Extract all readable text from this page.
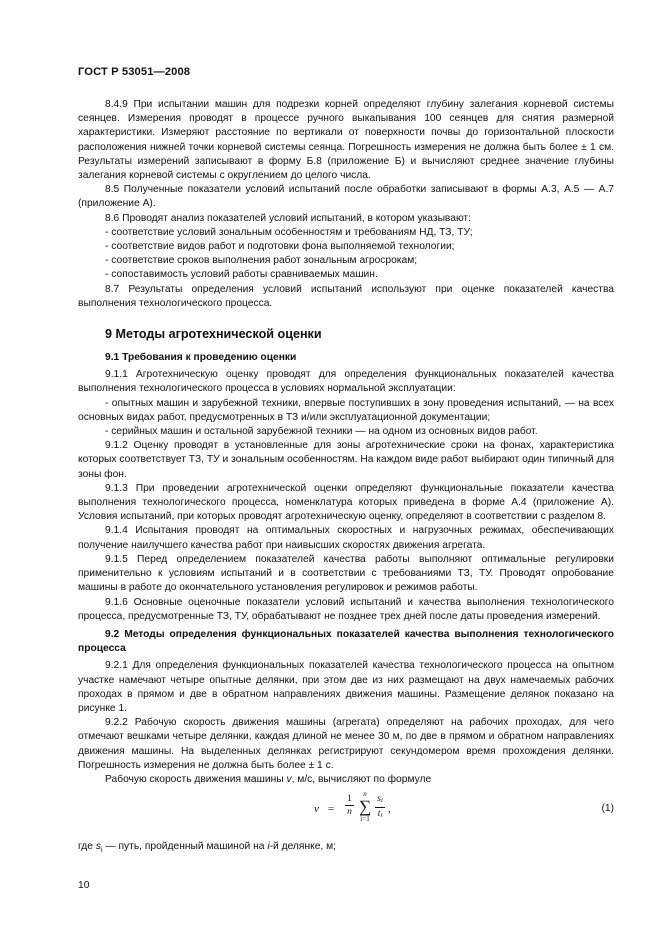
ГОСТ Р 53051—2008

8.4.9 При испытании машин для подрезки корней определяют глубину залегания корневой системы сеянцев. Измерения проводят в процессе ручного выкапывания 100 сеянцев для снятия размерной характеристики. Измеряют расстояние по вертикали от поверхности почвы до горизонтальной плоскости расположения нижней точки корневой системы сеянца. Погрешность измерения не должна быть более ± 1 см. Результаты измерений записывают в форму Б.8 (приложение Б) и вычисляют среднее значение глубины залегания корневой системы с округлением до целого числа.

8.5 Полученные показатели условий испытаний после обработки записывают в формы А.3, А.5 — А.7 (приложение А).

8.6 Проводят анализ показателей условий испытаний, в котором указывают:

- соответствие условий зональным особенностям и требованиям НД, ТЗ, ТУ;

- соответствие видов работ и подготовки фона выполняемой технологии;

- соответствие сроков выполнения работ зональным агросрокам;

- сопоставимость условий работы сравниваемых машин.

8.7 Результаты определения условий испытаний используют при оценке показателей качества выполнения технологического процесса.

9 Методы агротехнической оценки

9.1 Требования к проведению оценки

9.1.1 Агротехническую оценку проводят для определения функциональных показателей качества выполнения технологического процесса в условиях нормальной эксплуатации:

- опытных машин и зарубежной техники, впервые поступивших в зону проведения испытаний, — на всех основных видах работ, предусмотренных в ТЗ и/или эксплуатационной документации;

- серийных машин и остальной зарубежной техники — на одном из основных видов работ.

9.1.2 Оценку проводят в установленные для зоны агротехнические сроки на фонах, характеристика которых соответствует ТЗ, ТУ и зональным особенностям. На каждом виде работ выбирают один типичный для зоны фон.

9.1.3 При проведении агротехнической оценки определяют функциональные показатели качества выполнения технологического процесса, номенклатура которых приведена в форме А.4 (приложение А). Условия испытаний, при которых проводят агротехническую оценку, определяют в соответствии с разделом 8.

9.1.4 Испытания проводят на оптимальных скоростных и нагрузочных режимах, обеспечивающих получение наилучшего качества работ при наивысших скоростях движения агрегата.

9.1.5 Перед определением показателей качества работы выполняют оптимальные регулировки применительно к условиям испытаний и в соответствии с требованиями ТЗ, ТУ. Проводят опробование машины в работе до окончательного установления регулировок и режимов работы.

9.1.6 Основные оценочные показатели условий испытаний и качества выполнения технологического процесса, предусмотренные ТЗ, ТУ, обрабатывают не позднее трех дней после даты проведения измерений.

9.2 Методы определения функциональных показателей качества выполнения технологического процесса

9.2.1 Для определения функциональных показателей качества технологического процесса на опытном участке намечают четыре опытные делянки, при этом две из них размещают на двух намечаемых рабочих проходах в прямом и две в обратном направлениях движения машины. Размещение делянок показано на рисунке 1.

9.2.2 Рабочую скорость движения машины (агрегата) определяют на рабочих проходах, для чего отмечают вешками четыре делянки, каждая длиной не менее 30 м, по две в прямом и обратном направлениях движения машины. На выделенных делянках регистрируют секундомером время прохождения делянки. Погрешность измерения не должна быть более ± 1 с.

Рабочую скорость движения машины v, м/с, вычисляют по формуле

v =
1
n
n
∑
i=1
$s_i$
$t_i$
,	(1)

где $s_i$ — путь, пройденный машиной на i-й делянке, м;

10
